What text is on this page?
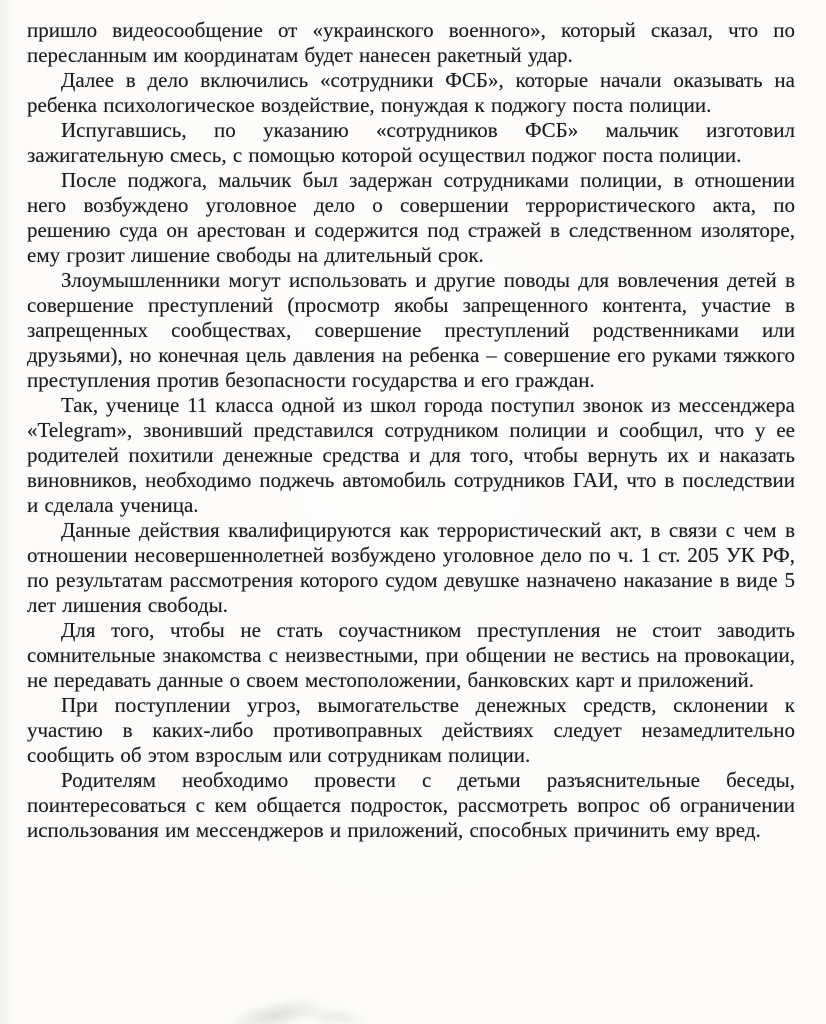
пришло видеосообщение от «украинского военного», который сказал, что по пересланным им координатам будет нанесен ракетный удар.

Далее в дело включились «сотрудники ФСБ», которые начали оказывать на ребенка психологическое воздействие, понуждая к поджогу поста полиции.

Испугавшись, по указанию «сотрудников ФСБ» мальчик изготовил зажигательную смесь, с помощью которой осуществил поджог поста полиции.

После поджога, мальчик был задержан сотрудниками полиции, в отношении него возбуждено уголовное дело о совершении террористического акта, по решению суда он арестован и содержится под стражей в следственном изоляторе, ему грозит лишение свободы на длительный срок.

Злоумышленники могут использовать и другие поводы для вовлечения детей в совершение преступлений (просмотр якобы запрещенного контента, участие в запрещенных сообществах, совершение преступлений родственниками или друзьями), но конечная цель давления на ребенка – совершение его руками тяжкого преступления против безопасности государства и его граждан.

Так, ученице 11 класса одной из школ города поступил звонок из мессенджера «Telegram», звонивший представился сотрудником полиции и сообщил, что у ее родителей похитили денежные средства и для того, чтобы вернуть их и наказать виновников, необходимо поджечь автомобиль сотрудников ГАИ, что в последствии и сделала ученица.

Данные действия квалифицируются как террористический акт, в связи с чем в отношении несовершеннолетней возбуждено уголовное дело по ч. 1 ст. 205 УК РФ, по результатам рассмотрения которого судом девушке назначено наказание в виде 5 лет лишения свободы.

Для того, чтобы не стать соучастником преступления не стоит заводить сомнительные знакомства с неизвестными, при общении не вестись на провокации, не передавать данные о своем местоположении, банковских карт и приложений.

При поступлении угроз, вымогательстве денежных средств, склонении к участию в каких-либо противоправных действиях следует незамедлительно сообщить об этом взрослым или сотрудникам полиции.

Родителям необходимо провести с детьми разъяснительные беседы, поинтересоваться с кем общается подросток, рассмотреть вопрос об ограничении использования им мессенджеров и приложений, способных причинить ему вред.
